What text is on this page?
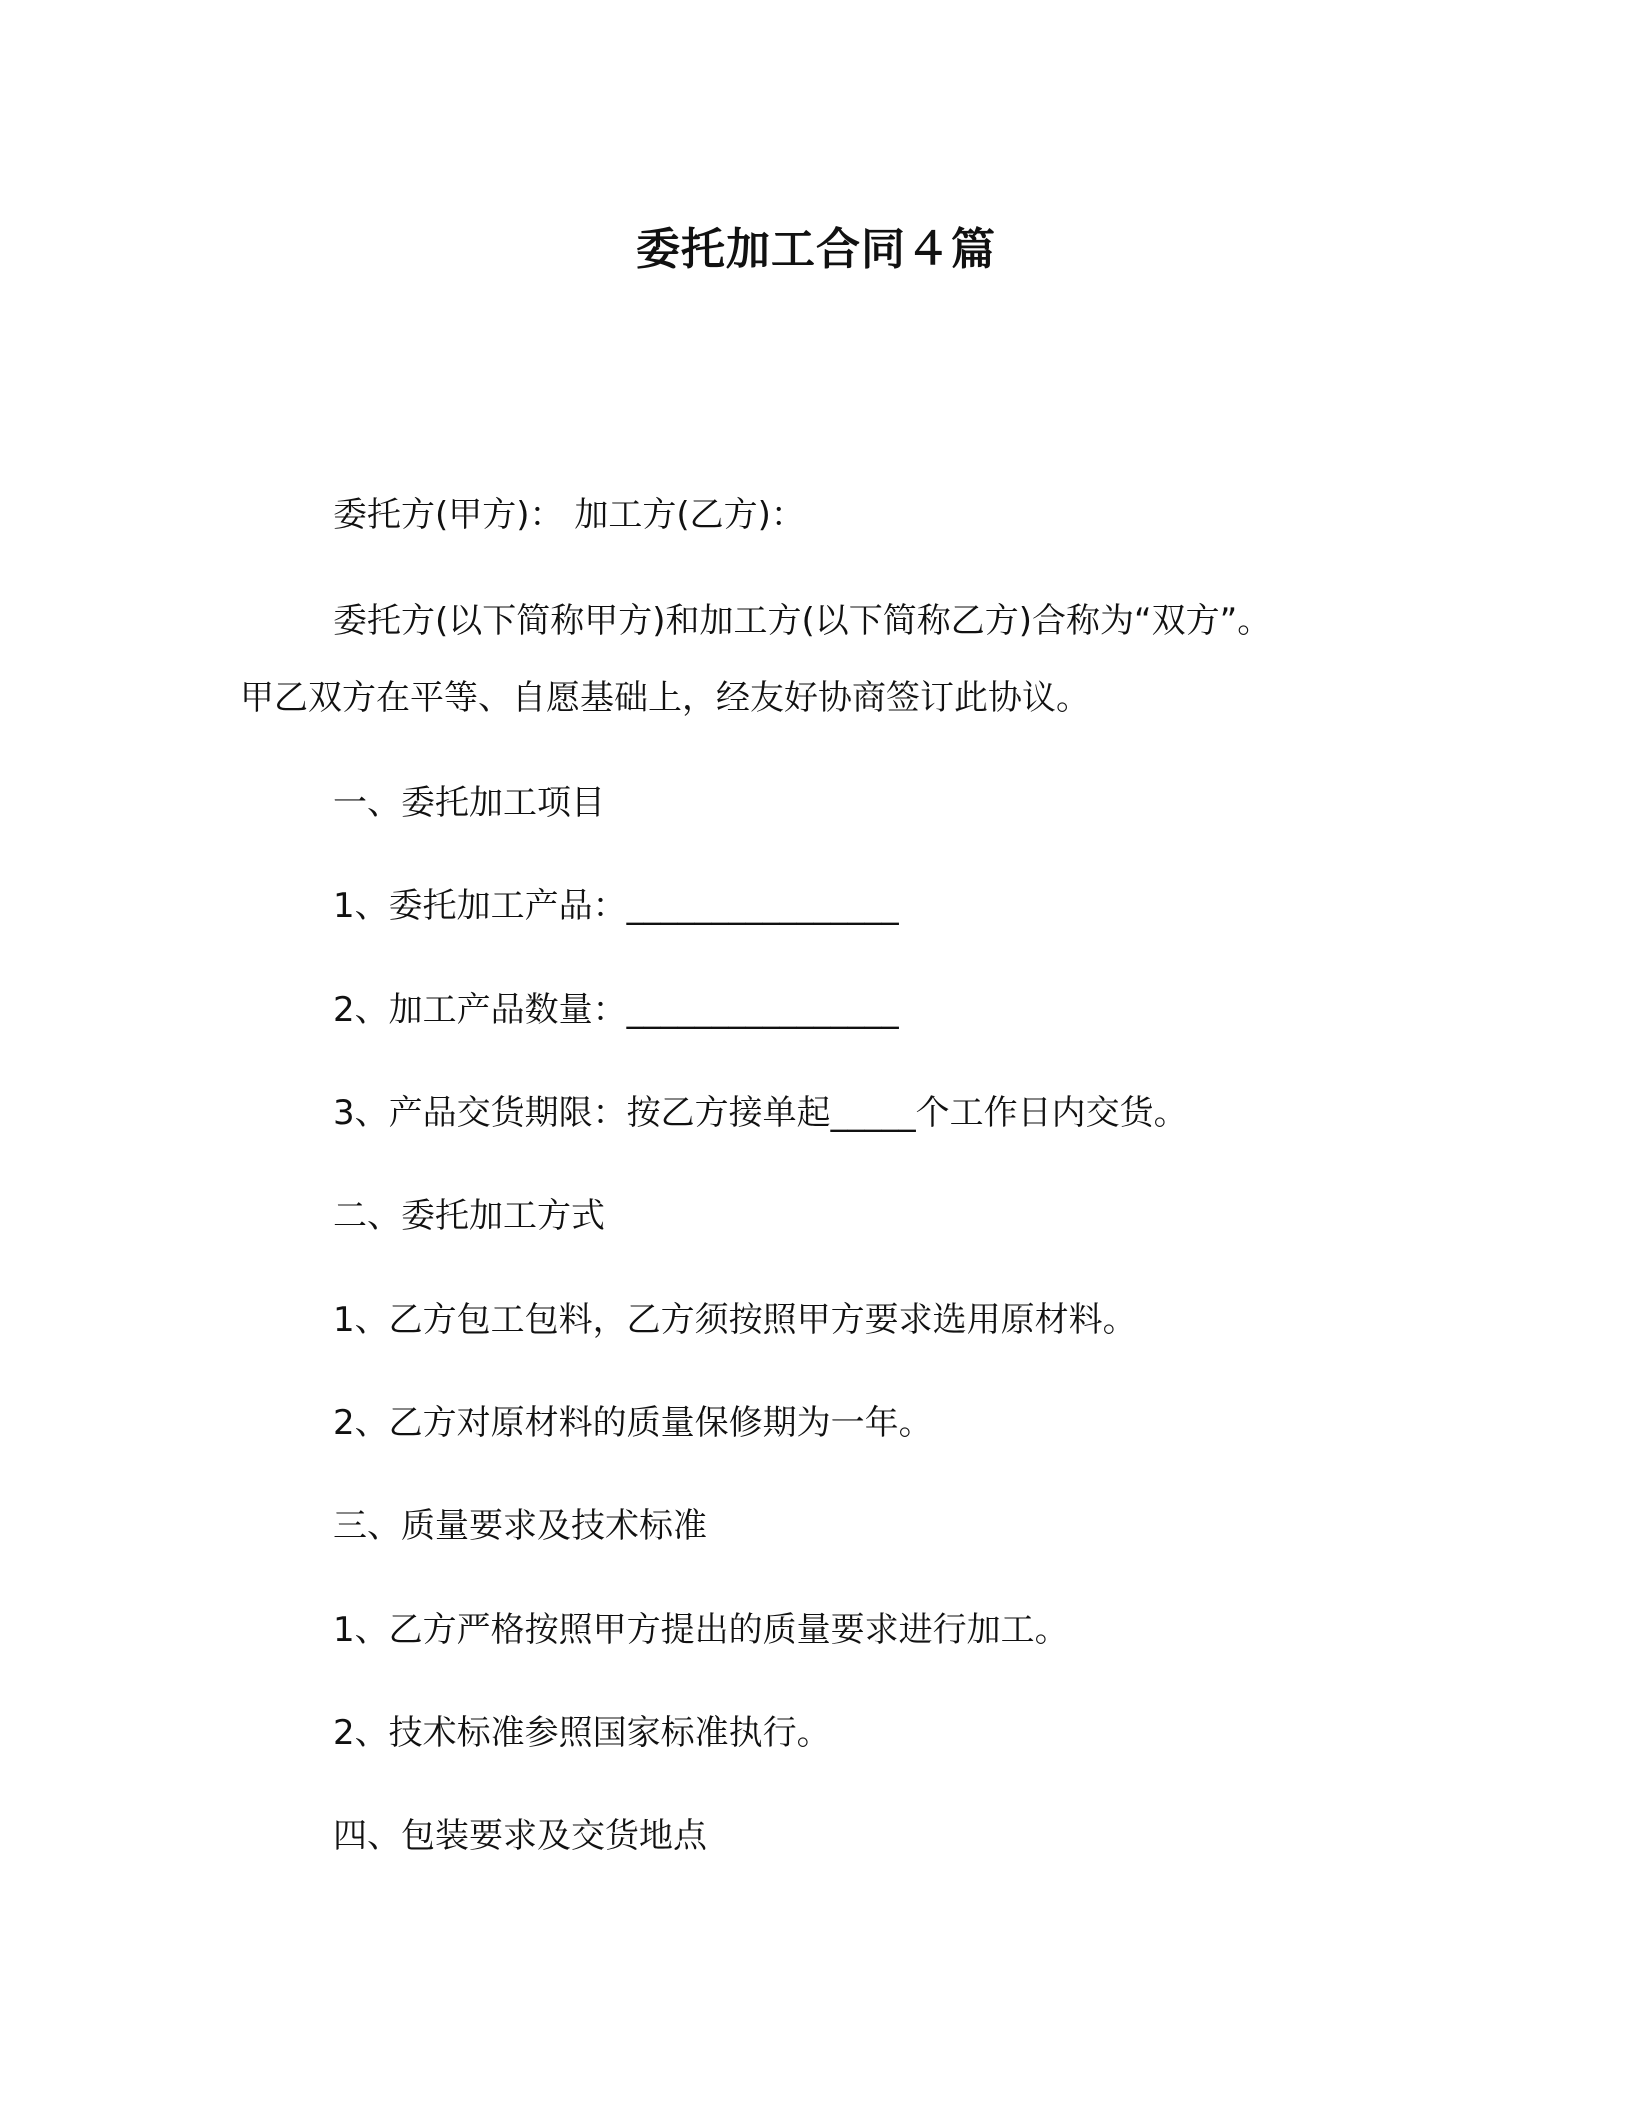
委托加工合同４篇
委托方(甲方)： 加工方(乙方)：
委托方(以下简称甲方)和加工方(以下简称乙方)合称为“双方”。
甲乙双方在平等、自愿基础上，经友好协商签订此协议。
一、委托加工项目
1、委托加工产品：________________
2、加工产品数量：________________
3、产品交货期限：按乙方接单起_____个工作日内交货。
二、委托加工方式
1、乙方包工包料，乙方须按照甲方要求选用原材料。
2、乙方对原材料的质量保修期为一年。
三、质量要求及技术标准
1、乙方严格按照甲方提出的质量要求进行加工。
2、技术标准参照国家标准执行。
四、包装要求及交货地点
